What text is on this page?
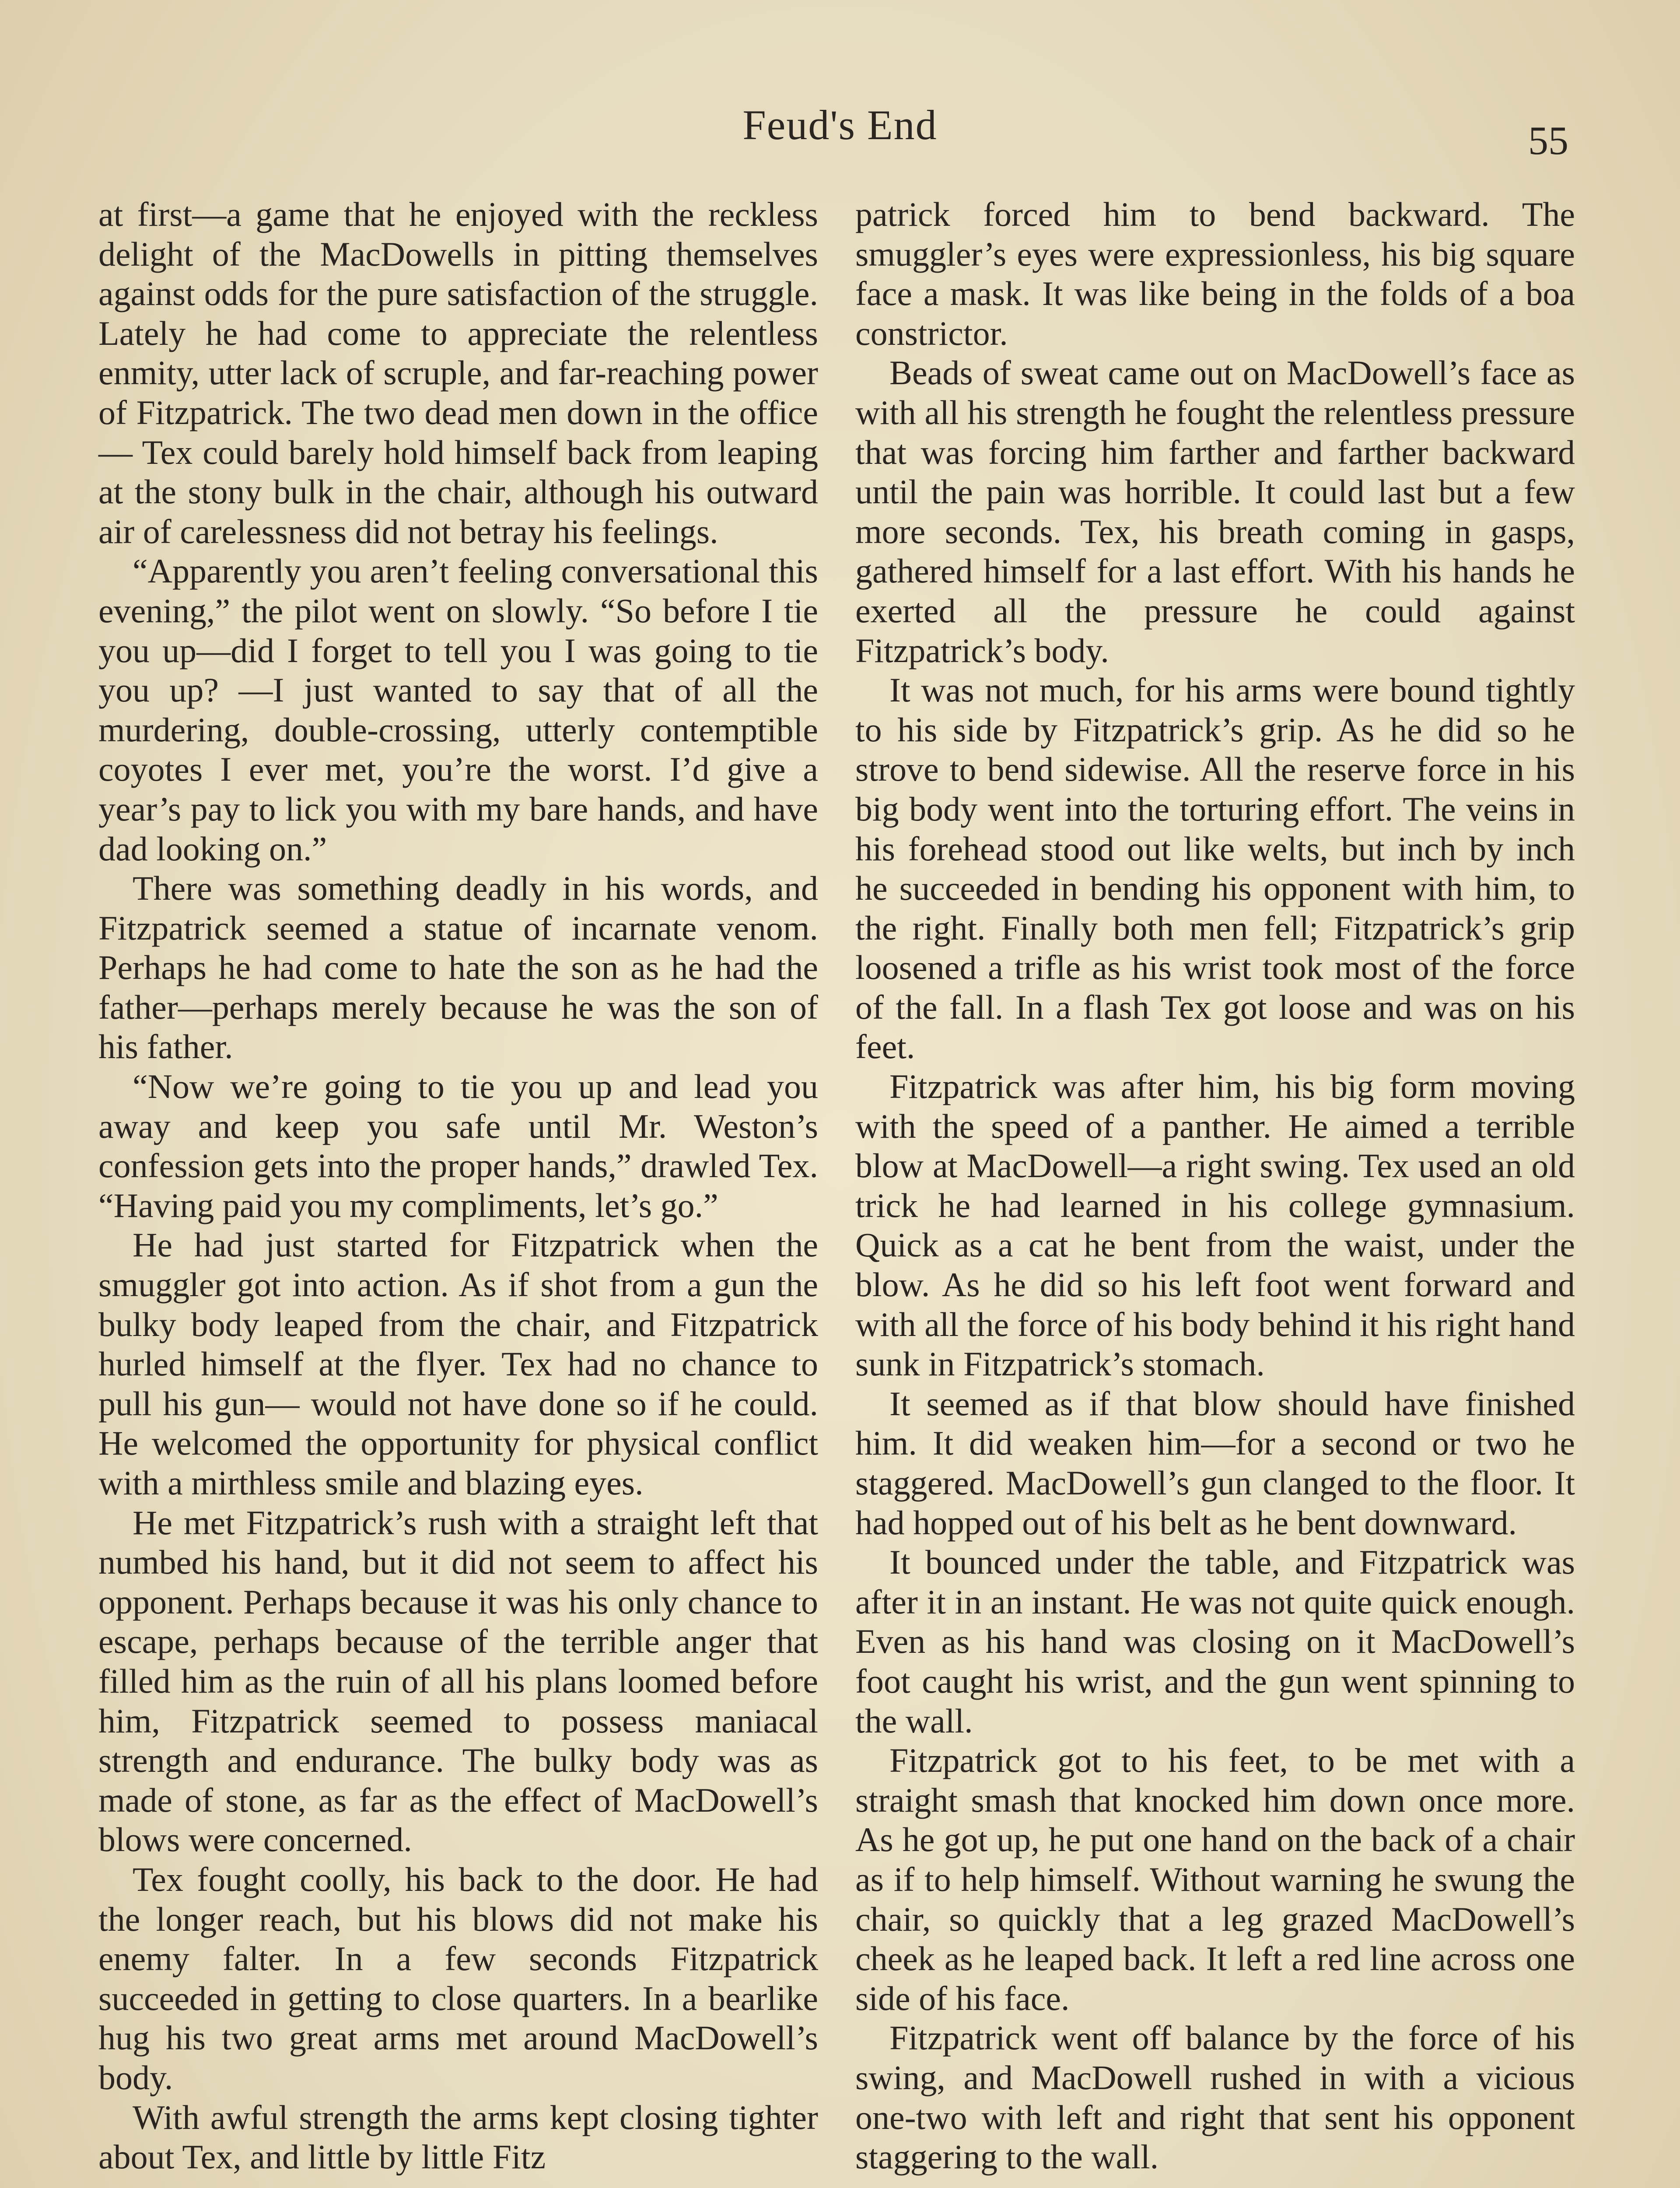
Feud's End	55

at first—a game that he enjoyed with the reckless delight of the MacDowells in pitting themselves against odds for the pure satisfaction of the struggle. Lately he had come to appreciate the relentless enmity, utter lack of scruple, and far-reaching power of Fitzpatrick. The two dead men down in the office— Tex could barely hold himself back from leaping at the stony bulk in the chair, although his outward air of carelessness did not betray his feelings.

“Apparently you aren’t feeling conversational this evening,” the pilot went on slowly. “So before I tie you up—did I forget to tell you I was going to tie you up? —I just wanted to say that of all the murdering, double-crossing, utterly contemptible coyotes I ever met, you’re the worst. I’d give a year’s pay to lick you with my bare hands, and have dad looking on.”

There was something deadly in his words, and Fitzpatrick seemed a statue of incarnate venom. Perhaps he had come to hate the son as he had the father—perhaps merely because he was the son of his father.

“Now we’re going to tie you up and lead you away and keep you safe until Mr. Weston’s confession gets into the proper hands,” drawled Tex. “Having paid you my compliments, let’s go.”

He had just started for Fitzpatrick when the smuggler got into action. As if shot from a gun the bulky body leaped from the chair, and Fitzpatrick hurled himself at the flyer. Tex had no chance to pull his gun— would not have done so if he could. He welcomed the opportunity for physical conflict with a mirthless smile and blazing eyes.

He met Fitzpatrick’s rush with a straight left that numbed his hand, but it did not seem to affect his opponent. Perhaps because it was his only chance to escape, perhaps because of the terrible anger that filled him as the ruin of all his plans loomed before him, Fitzpatrick seemed to possess maniacal strength and endurance. The bulky body was as made of stone, as far as the effect of MacDowell’s blows were concerned.

Tex fought coolly, his back to the door. He had the longer reach, but his blows did not make his enemy falter. In a few seconds Fitzpatrick succeeded in getting to close quarters. In a bearlike hug his two great arms met around MacDowell’s body.

With awful strength the arms kept closing tighter about Tex, and little by little Fitz

patrick forced him to bend backward. The smuggler’s eyes were expressionless, his big square face a mask. It was like being in the folds of a boa constrictor.

Beads of sweat came out on MacDowell’s face as with all his strength he fought the relentless pressure that was forcing him farther and farther backward until the pain was horrible. It could last but a few more seconds. Tex, his breath coming in gasps, gathered himself for a last effort. With his hands he exerted all the pressure he could against Fitzpatrick’s body.

It was not much, for his arms were bound tightly to his side by Fitzpatrick’s grip. As he did so he strove to bend sidewise. All the reserve force in his big body went into the torturing effort. The veins in his forehead stood out like welts, but inch by inch he succeeded in bending his opponent with him, to the right. Finally both men fell; Fitzpatrick’s grip loosened a trifle as his wrist took most of the force of the fall. In a flash Tex got loose and was on his feet.

Fitzpatrick was after him, his big form moving with the speed of a panther. He aimed a terrible blow at MacDowell—a right swing. Tex used an old trick he had learned in his college gymnasium. Quick as a cat he bent from the waist, under the blow. As he did so his left foot went forward and with all the force of his body behind it his right hand sunk in Fitzpatrick’s stomach.

It seemed as if that blow should have finished him. It did weaken him—for a second or two he staggered. MacDowell’s gun clanged to the floor. It had hopped out of his belt as he bent downward.

It bounced under the table, and Fitzpatrick was after it in an instant. He was not quite quick enough. Even as his hand was closing on it MacDowell’s foot caught his wrist, and the gun went spinning to the wall.

Fitzpatrick got to his feet, to be met with a straight smash that knocked him down once more. As he got up, he put one hand on the back of a chair as if to help himself. Without warning he swung the chair, so quickly that a leg grazed MacDowell’s cheek as he leaped back. It left a red line across one side of his face.

Fitzpatrick went off balance by the force of his swing, and MacDowell rushed in with a vicious one-two with left and right that sent his opponent staggering to the wall.
